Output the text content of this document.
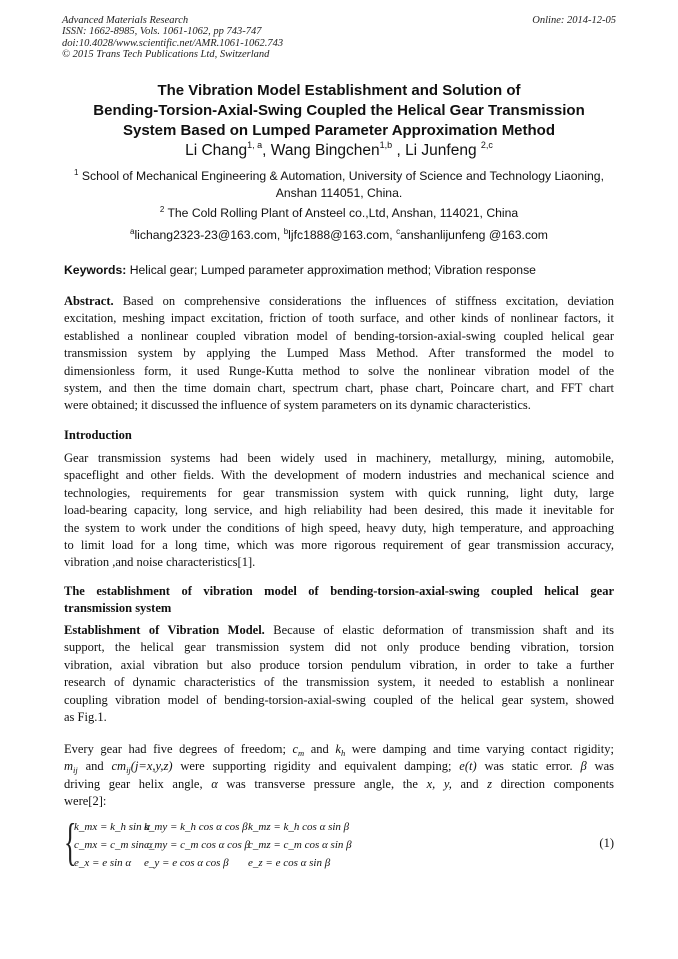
Advanced Materials Research
ISSN: 1662-8985, Vols. 1061-1062, pp 743-747
doi:10.4028/www.scientific.net/AMR.1061-1062.743
© 2015 Trans Tech Publications Ltd, Switzerland
Online: 2014-12-05
The Vibration Model Establishment and Solution of
Bending-Torsion-Axial-Swing Coupled the Helical Gear Transmission
System Based on Lumped Parameter Approximation Method
Li Chang$^{1, a}$, Wang Bingchen$^{1,b}$ , Li Junfeng $^{2,c}$
$^1$ School of Mechanical Engineering & Automation, University of Science and Technology Liaoning,
Anshan 114051, China.
$^2$ The Cold Rolling Plant of Ansteel co.,Ltd, Anshan, 114021, China
$^a$lichang2323-23@163.com, $^b$ljfc1888@163.com, $^c$anshanlijunfeng @163.com
Keywords: Helical gear; Lumped parameter approximation method; Vibration response
Abstract. Based on comprehensive considerations the influences of stiffness excitation, deviation
excitation, meshing impact excitation, friction of tooth surface, and other kinds of nonlinear factors, it
established a nonlinear coupled vibration model of bending-torsion-axial-swing coupled helical gear
transmission system by applying the Lumped Mass Method. After transformed the model to
dimensionless form, it used Runge-Kutta method to solve the nonlinear vibration model of the
system, and then the time domain chart, spectrum chart, phase chart, Poincare chart, and FFT chart
were obtained; it discussed the influence of system parameters on its dynamic characteristics.
Introduction
Gear transmission systems had been widely used in machinery, metallurgy, mining, automobile,
spaceflight and other fields. With the development of modern industries and mechanical science and
technologies, requirements for gear transmission system with quick running, light duty, large
load-bearing capacity, long service, and high reliability had been desired, this made it inevitable for
the system to work under the conditions of high speed, heavy duty, high temperature, and approaching
to limit load for a long time, which was more rigorous requirement of gear transmission accuracy,
vibration ,and noise characteristics[1].
The establishment of vibration model of bending-torsion-axial-swing coupled helical gear
transmission system
Establishment of Vibration Model. Because of elastic deformation of transmission shaft and its
support, the helical gear transmission system did not only produce bending vibration, torsion
vibration, axial vibration but also produce torsion pendulum vibration, in order to take a further
research of dynamic characteristics of the transmission system, it needed to establish a nonlinear
coupling vibration model of bending-torsion-axial-swing coupled of the helical gear system, showed
as Fig.1.
Every gear had five degrees of freedom; $c_m$ and $k_h$ were damping and time varying contact rigidity;
$m_{ij}$ and $cm_{ij}(j=x,y,z)$ were supporting rigidity and equivalent damping; e(t) was static error. β was
driving gear helix angle, α was transverse pressure angle, the x, y, and z direction components
were[2]:
{
k_mx = k_h sin αk_my = k_h cos α cos βk_mz = k_h cos α sin β
c_mx = c_m sin αc_my = c_m cos α cos βc_mz = c_m cos α sin β
e_x = e sin α e_y = e cos α cos β e_z = e cos α sin β
(1)
